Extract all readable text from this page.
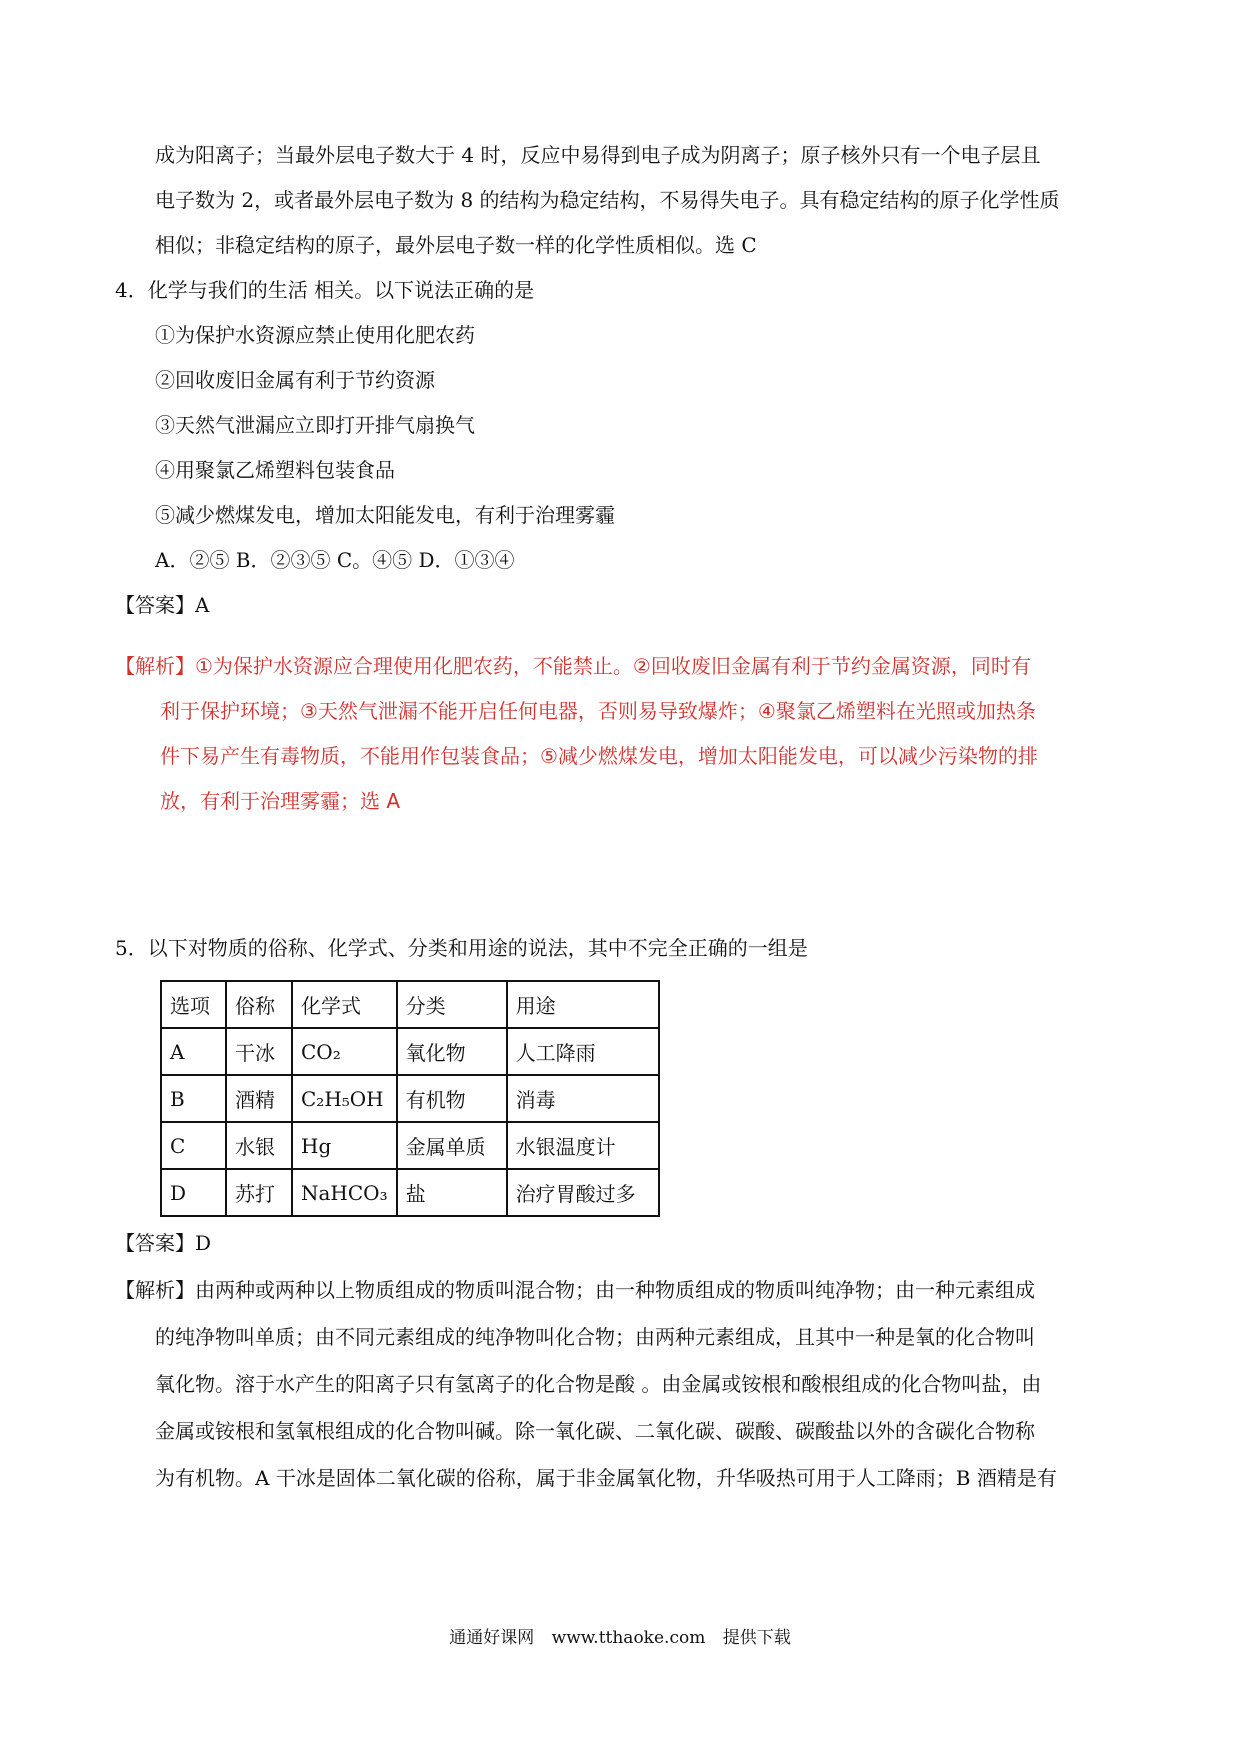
成为阳离子；当最外层电子数大于 4 时，反应中易得到电子成为阴离子；原子核外只有一个电子层且
电子数为 2，或者最外层电子数为 8 的结构为稳定结构，不易得失电子。具有稳定结构的原子化学性质
相似；非稳定结构的原子，最外层电子数一样的化学性质相似。选 C
4．化学与我们的生活 相关。以下说法正确的是
①为保护水资源应禁止使用化肥农药
②回收废旧金属有利于节约资源
③天然气泄漏应立即打开排气扇换气
④用聚氯乙烯塑料包装食品
⑤减少燃煤发电，增加太阳能发电，有利于治理雾霾
A．②⑤ B．②③⑤ C。④⑤ D．①③④
【答案】A
【解析】①为保护水资源应合理使用化肥农药，不能禁止。②回收废旧金属有利于节约金属资源，同时有
利于保护环境；③天然气泄漏不能开启任何电器，否则易导致爆炸；④聚氯乙烯塑料在光照或加热条
件下易产生有毒物质，不能用作包装食品；⑤减少燃煤发电，增加太阳能发电，可以减少污染物的排
放，有利于治理雾霾；选 A
5．以下对物质的俗称、化学式、分类和用途的说法，其中不完全正确的一组是
选项	俗称	化学式	分类	用途
A	干冰	CO₂	氧化物	人工降雨
B	酒精	C₂H₅OH	有机物	消毒
C	水银	Hg	金属单质	水银温度计
D	苏打	NaHCO₃	盐	治疗胃酸过多
【答案】D
【解析】由两种或两种以上物质组成的物质叫混合物；由一种物质组成的物质叫纯净物；由一种元素组成
的纯净物叫单质；由不同元素组成的纯净物叫化合物；由两种元素组成，且其中一种是氧的化合物叫
氧化物。溶于水产生的阳离子只有氢离子的化合物是酸 。由金属或铵根和酸根组成的化合物叫盐，由
金属或铵根和氢氧根组成的化合物叫碱。除一氧化碳、二氧化碳、碳酸、碳酸盐以外的含碳化合物称
为有机物。A 干冰是固体二氧化碳的俗称，属于非金属氧化物，升华吸热可用于人工降雨；B 酒精是有
通通好课网 www.tthaoke.com 提供下载
